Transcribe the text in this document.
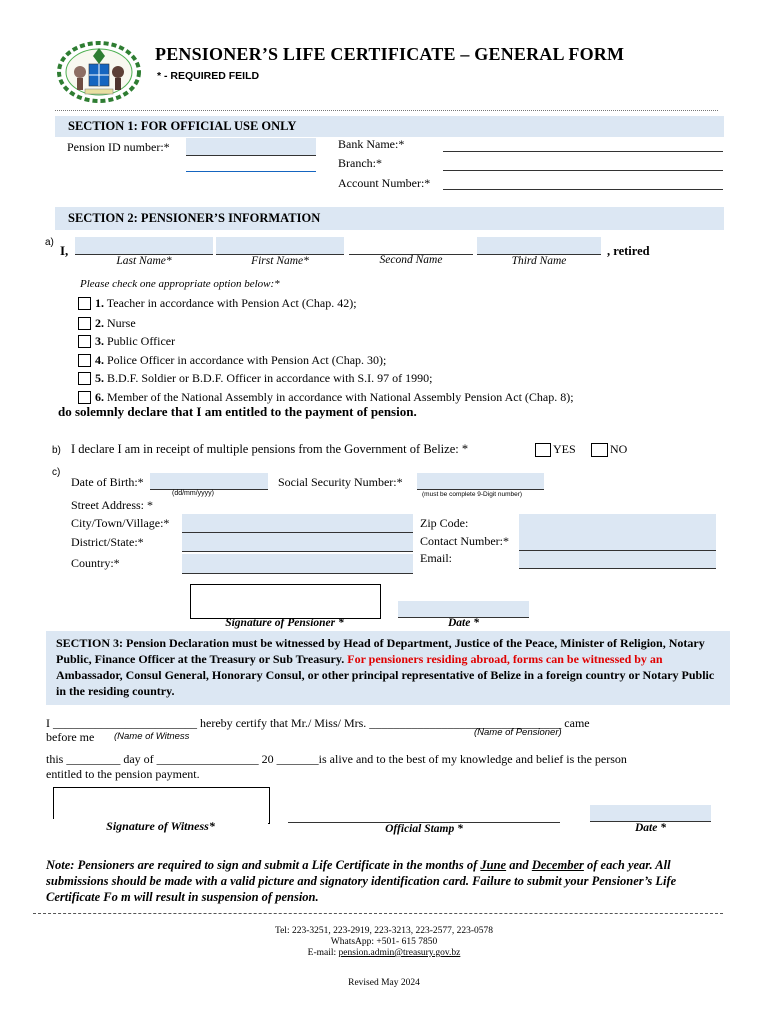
PENSIONER’S LIFE CERTIFICATE – GENERAL FORM
* - REQUIRED FEILD
SECTION 1: FOR OFFICIAL USE ONLY
Pension ID number:*	Bank Name:*
Branch:*
Account Number:*
SECTION 2: PENSIONER’S INFORMATION
a)
I,
Last Name*	First Name*	Second Name	Third Name
, retired
Please check one appropriate option below:*
1. Teacher in accordance with Pension Act (Chap. 42);
2. Nurse
3. Public Officer
4. Police Officer in accordance with Pension Act (Chap. 30);
5. B.D.F. Soldier or B.D.F. Officer in accordance with S.I. 97 of 1990;
6. Member of the National Assembly in accordance with National Assembly Pension Act (Chap. 8);
do solemnly declare that I am entitled to the payment of pension.
b) I declare I am in receipt of multiple pensions from the Government of Belize: *	YES	NO
c)
Date of Birth:*
(dd/mm/yyyy)
Social Security Number:*
(must be complete 9-Digit number)
Street Address: *
City/Town/Village:*	Zip Code:
District/State:*	Contact Number:*
Email:
Country:*
Signature of Pensioner *	Date *
SECTION 3: Pension Declaration must be witnessed by Head of Department, Justice of the Peace, Minister of Religion, Notary Public, Finance Officer at the Treasury or Sub Treasury. For pensioners residing abroad, forms can be witnessed by an Ambassador, Consul General, Honorary Consul, or other principal representative of Belize in a foreign country or Notary Public in the residing country.
I ________________________ hereby certify that Mr./ Miss/ Mrs. ________________________________ came
before me (Name of Witness	(Name of Pensioner)
this _________ day of _________________ 20 _______is alive and to the best of my knowledge and belief is the person
entitled to the pension payment.
Signature of Witness*	Official Stamp *	Date *
Note: Pensioners are required to sign and submit a Life Certificate in the months of June and December of each year. All submissions should be made with a valid picture and signatory identification card. Failure to submit your Pensioner’s Life Certificate Fo m will result in suspension of pension.
Tel: 223-3251, 223-2919, 223-3213, 223-2577, 223-0578
WhatsApp: +501- 615 7850
E-mail: pension.admin@treasury.gov.bz
Revised May 2024
